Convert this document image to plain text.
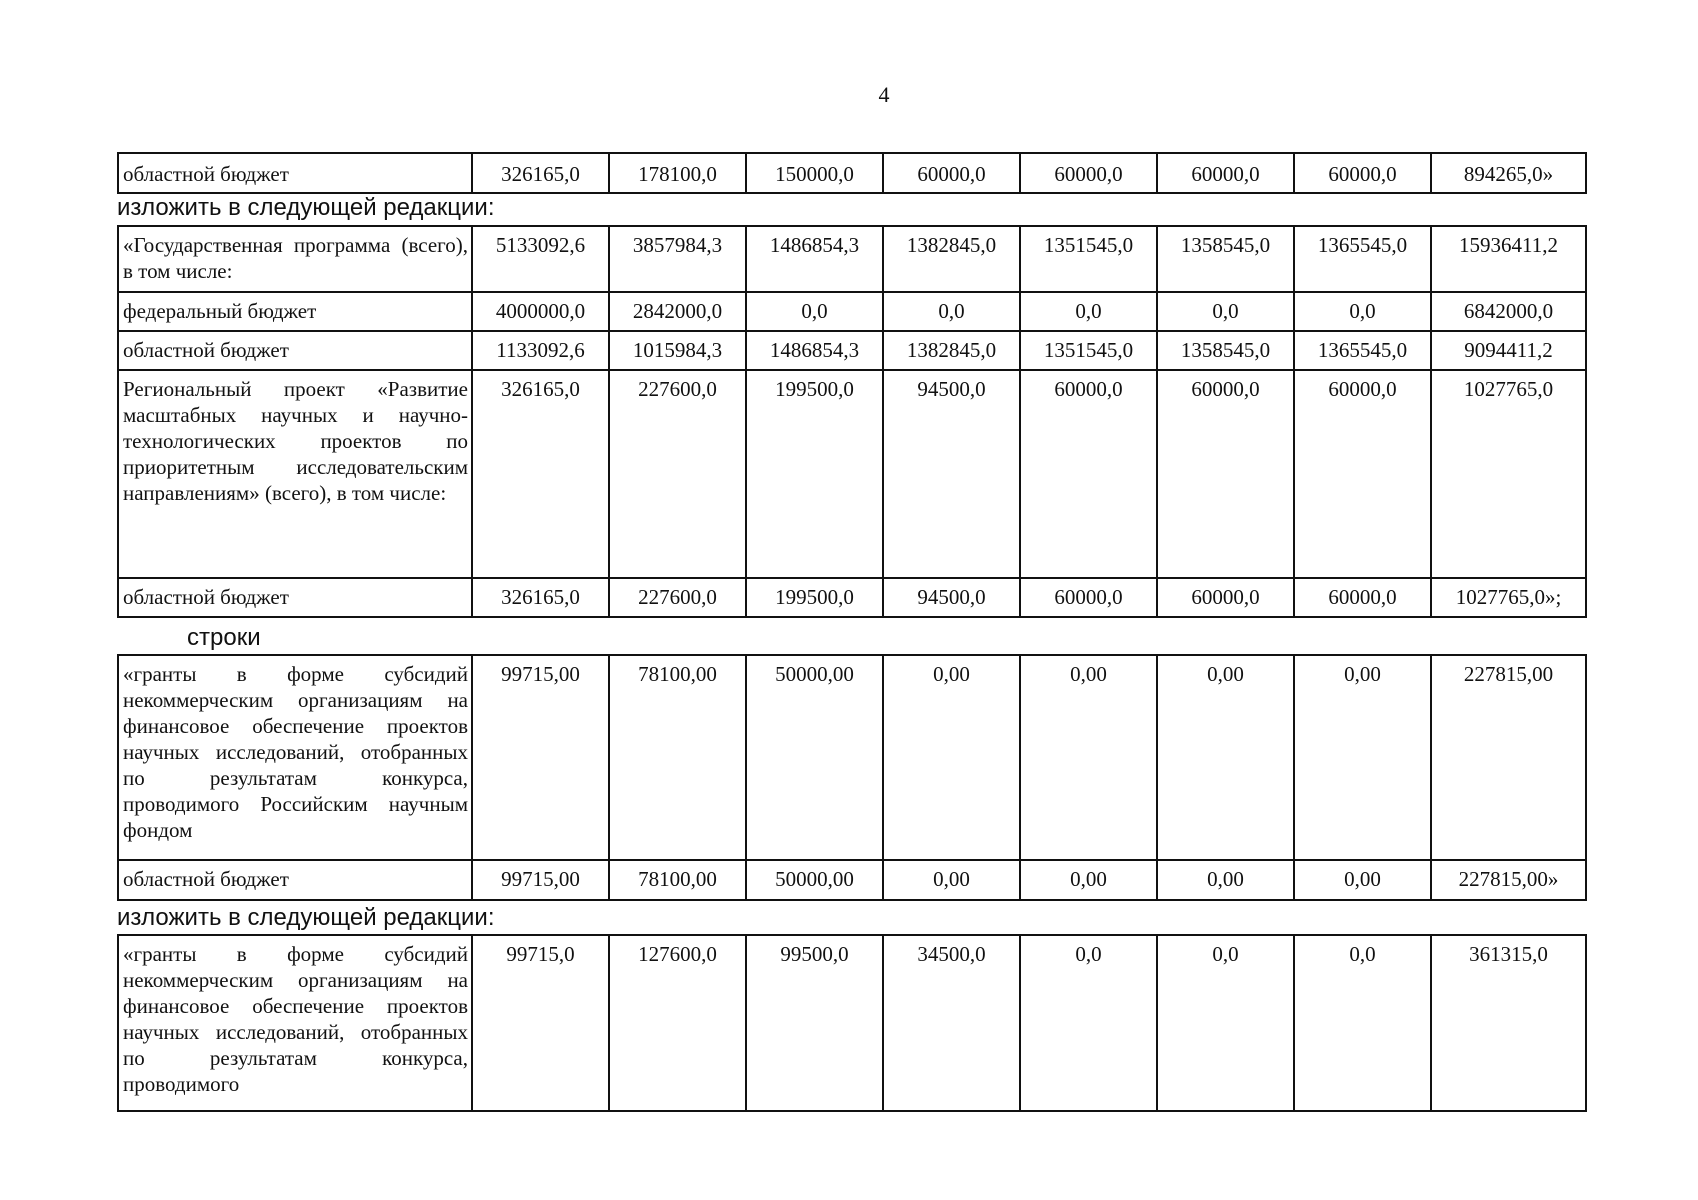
4
областной бюджет	326165,0	178100,0	150000,0	60000,0	60000,0	60000,0	60000,0	894265,0»
изложить в следующей редакции:
«Государственная программа (всего), в том числе:	5133092,6	3857984,3	1486854,3	1382845,0	1351545,0	1358545,0	1365545,0	15936411,2
федеральный бюджет	4000000,0	2842000,0	0,0	0,0	0,0	0,0	0,0	6842000,0
областной бюджет	1133092,6	1015984,3	1486854,3	1382845,0	1351545,0	1358545,0	1365545,0	9094411,2
Региональный проект «Развитие масштабных научных и научно-технологических проектов по приоритетным исследовательским направлениям» (всего), в том числе:	326165,0	227600,0	199500,0	94500,0	60000,0	60000,0	60000,0	1027765,0
областной бюджет	326165,0	227600,0	199500,0	94500,0	60000,0	60000,0	60000,0	1027765,0»;
строки
«гранты в форме субсидий некоммерческим организациям на финансовое обеспечение проектов научных исследований, отобранных по результатам конкурса, проводимого Российским научным фондом	99715,00	78100,00	50000,00	0,00	0,00	0,00	0,00	227815,00
областной бюджет	99715,00	78100,00	50000,00	0,00	0,00	0,00	0,00	227815,00»
изложить в следующей редакции:
«гранты в форме субсидий некоммерческим организациям на финансовое обеспечение проектов научных исследований, отобранных по результатам конкурса, проводимого	99715,0	127600,0	99500,0	34500,0	0,0	0,0	0,0	361315,0
